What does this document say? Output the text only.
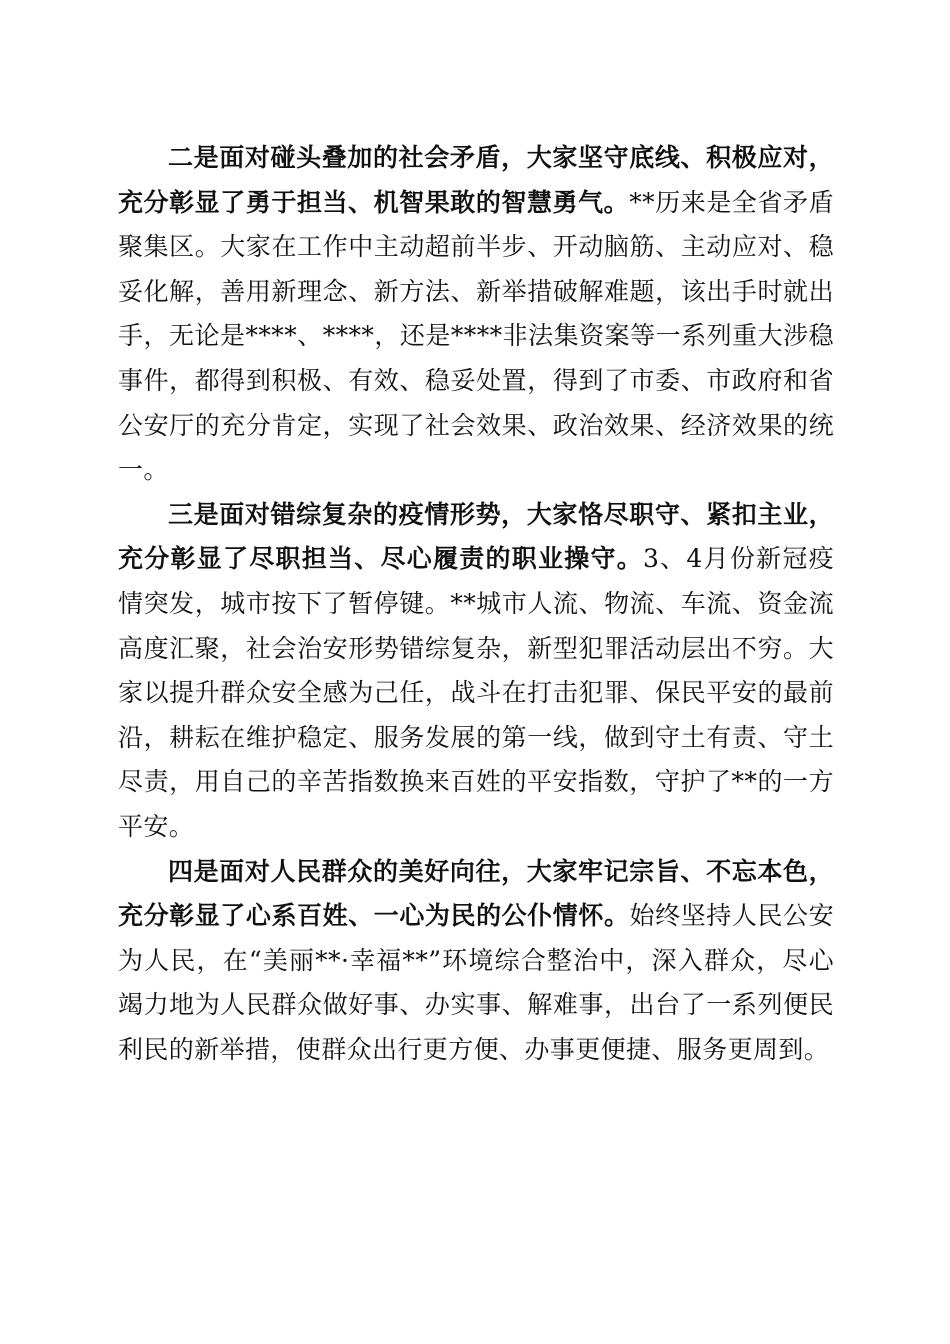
二是面对碰头叠加的社会矛盾，大家坚守底线、积极应对，充分彰显了勇于担当、机智果敢的智慧勇气。**历来是全省矛盾聚集区。大家在工作中主动超前半步、开动脑筋、主动应对、稳妥化解，善用新理念、新方法、新举措破解难题，该出手时就出手，无论是****、****，还是****非法集资案等一系列重大涉稳事件，都得到积极、有效、稳妥处置，得到了市委、市政府和省公安厅的充分肯定，实现了社会效果、政治效果、经济效果的统一。

三是面对错综复杂的疫情形势，大家恪尽职守、紧扣主业，充分彰显了尽职担当、尽心履责的职业操守。3、4月份新冠疫情突发，城市按下了暂停键。**城市人流、物流、车流、资金流高度汇聚，社会治安形势错综复杂，新型犯罪活动层出不穷。大家以提升群众安全感为己任，战斗在打击犯罪、保民平安的最前沿，耕耘在维护稳定、服务发展的第一线，做到守土有责、守土尽责，用自己的辛苦指数换来百姓的平安指数，守护了**的一方平安。

四是面对人民群众的美好向往，大家牢记宗旨、不忘本色，充分彰显了心系百姓、一心为民的公仆情怀。始终坚持人民公安为人民，在“美丽**·幸福**”环境综合整治中，深入群众，尽心竭力地为人民群众做好事、办实事、解难事，出台了一系列便民利民的新举措，使群众出行更方便、办事更便捷、服务更周到。
